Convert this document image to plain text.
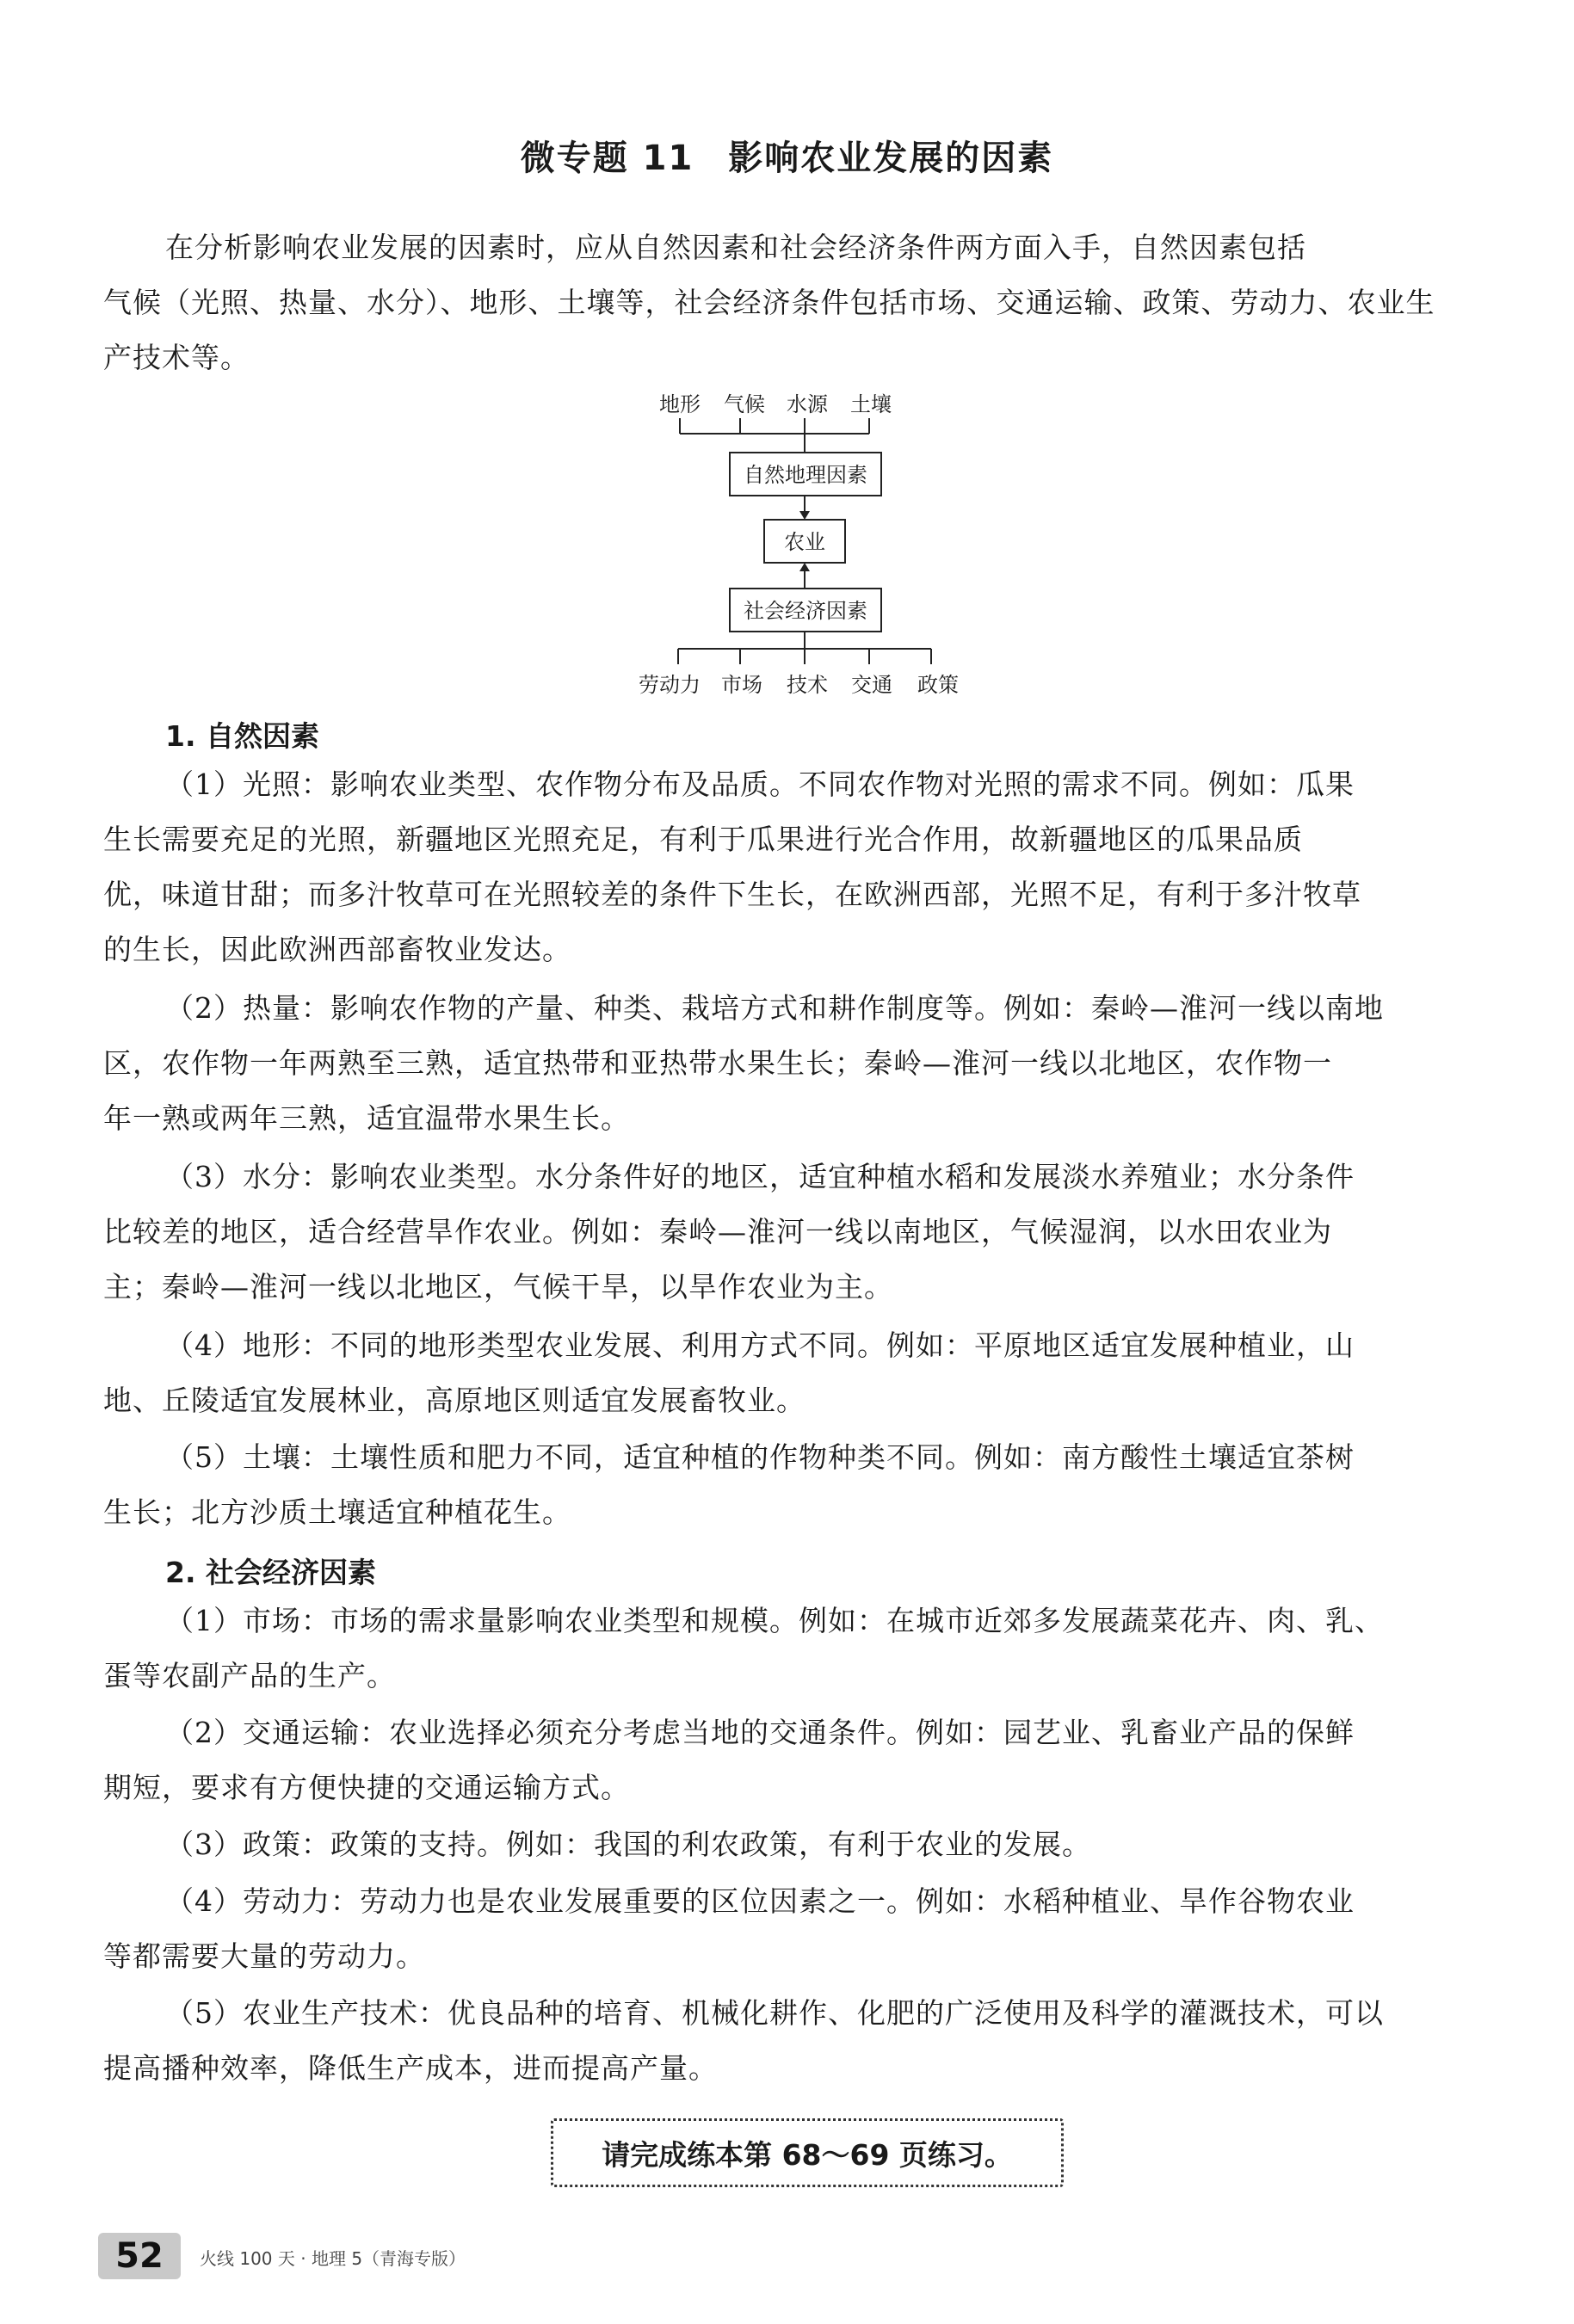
微专题 11 影响农业发展的因素
在分析影响农业发展的因素时，应从自然因素和社会经济条件两方面入手，自然因素包括
气候（光照、热量、水分）、地形、土壤等，社会经济条件包括市场、交通运输、政策、劳动力、农业生
产技术等。
地形 气候 水源 土壤
自然地理因素
农业
社会经济因素
劳动力 市场 技术 交通 政策
1. 自然因素
（1）光照：影响农业类型、农作物分布及品质。不同农作物对光照的需求不同。例如：瓜果
生长需要充足的光照，新疆地区光照充足，有利于瓜果进行光合作用，故新疆地区的瓜果品质
优，味道甘甜；而多汁牧草可在光照较差的条件下生长，在欧洲西部，光照不足，有利于多汁牧草
的生长，因此欧洲西部畜牧业发达。
（2）热量：影响农作物的产量、种类、栽培方式和耕作制度等。例如：秦岭—淮河一线以南地
区，农作物一年两熟至三熟，适宜热带和亚热带水果生长；秦岭—淮河一线以北地区，农作物一
年一熟或两年三熟，适宜温带水果生长。
（3）水分：影响农业类型。水分条件好的地区，适宜种植水稻和发展淡水养殖业；水分条件
比较差的地区，适合经营旱作农业。例如：秦岭—淮河一线以南地区，气候湿润，以水田农业为
主；秦岭—淮河一线以北地区，气候干旱，以旱作农业为主。
（4）地形：不同的地形类型农业发展、利用方式不同。例如：平原地区适宜发展种植业，山
地、丘陵适宜发展林业，高原地区则适宜发展畜牧业。
（5）土壤：土壤性质和肥力不同，适宜种植的作物种类不同。例如：南方酸性土壤适宜茶树
生长；北方沙质土壤适宜种植花生。
2. 社会经济因素
（1）市场：市场的需求量影响农业类型和规模。例如：在城市近郊多发展蔬菜花卉、肉、乳、
蛋等农副产品的生产。
（2）交通运输：农业选择必须充分考虑当地的交通条件。例如：园艺业、乳畜业产品的保鲜
期短，要求有方便快捷的交通运输方式。
（3）政策：政策的支持。例如：我国的利农政策，有利于农业的发展。
（4）劳动力：劳动力也是农业发展重要的区位因素之一。例如：水稻种植业、旱作谷物农业
等都需要大量的劳动力。
（5）农业生产技术：优良品种的培育、机械化耕作、化肥的广泛使用及科学的灌溉技术，可以
提高播种效率，降低生产成本，进而提高产量。
请完成练本第 68～69 页练习。
52	火线 100 天 · 地理 5（青海专版）
